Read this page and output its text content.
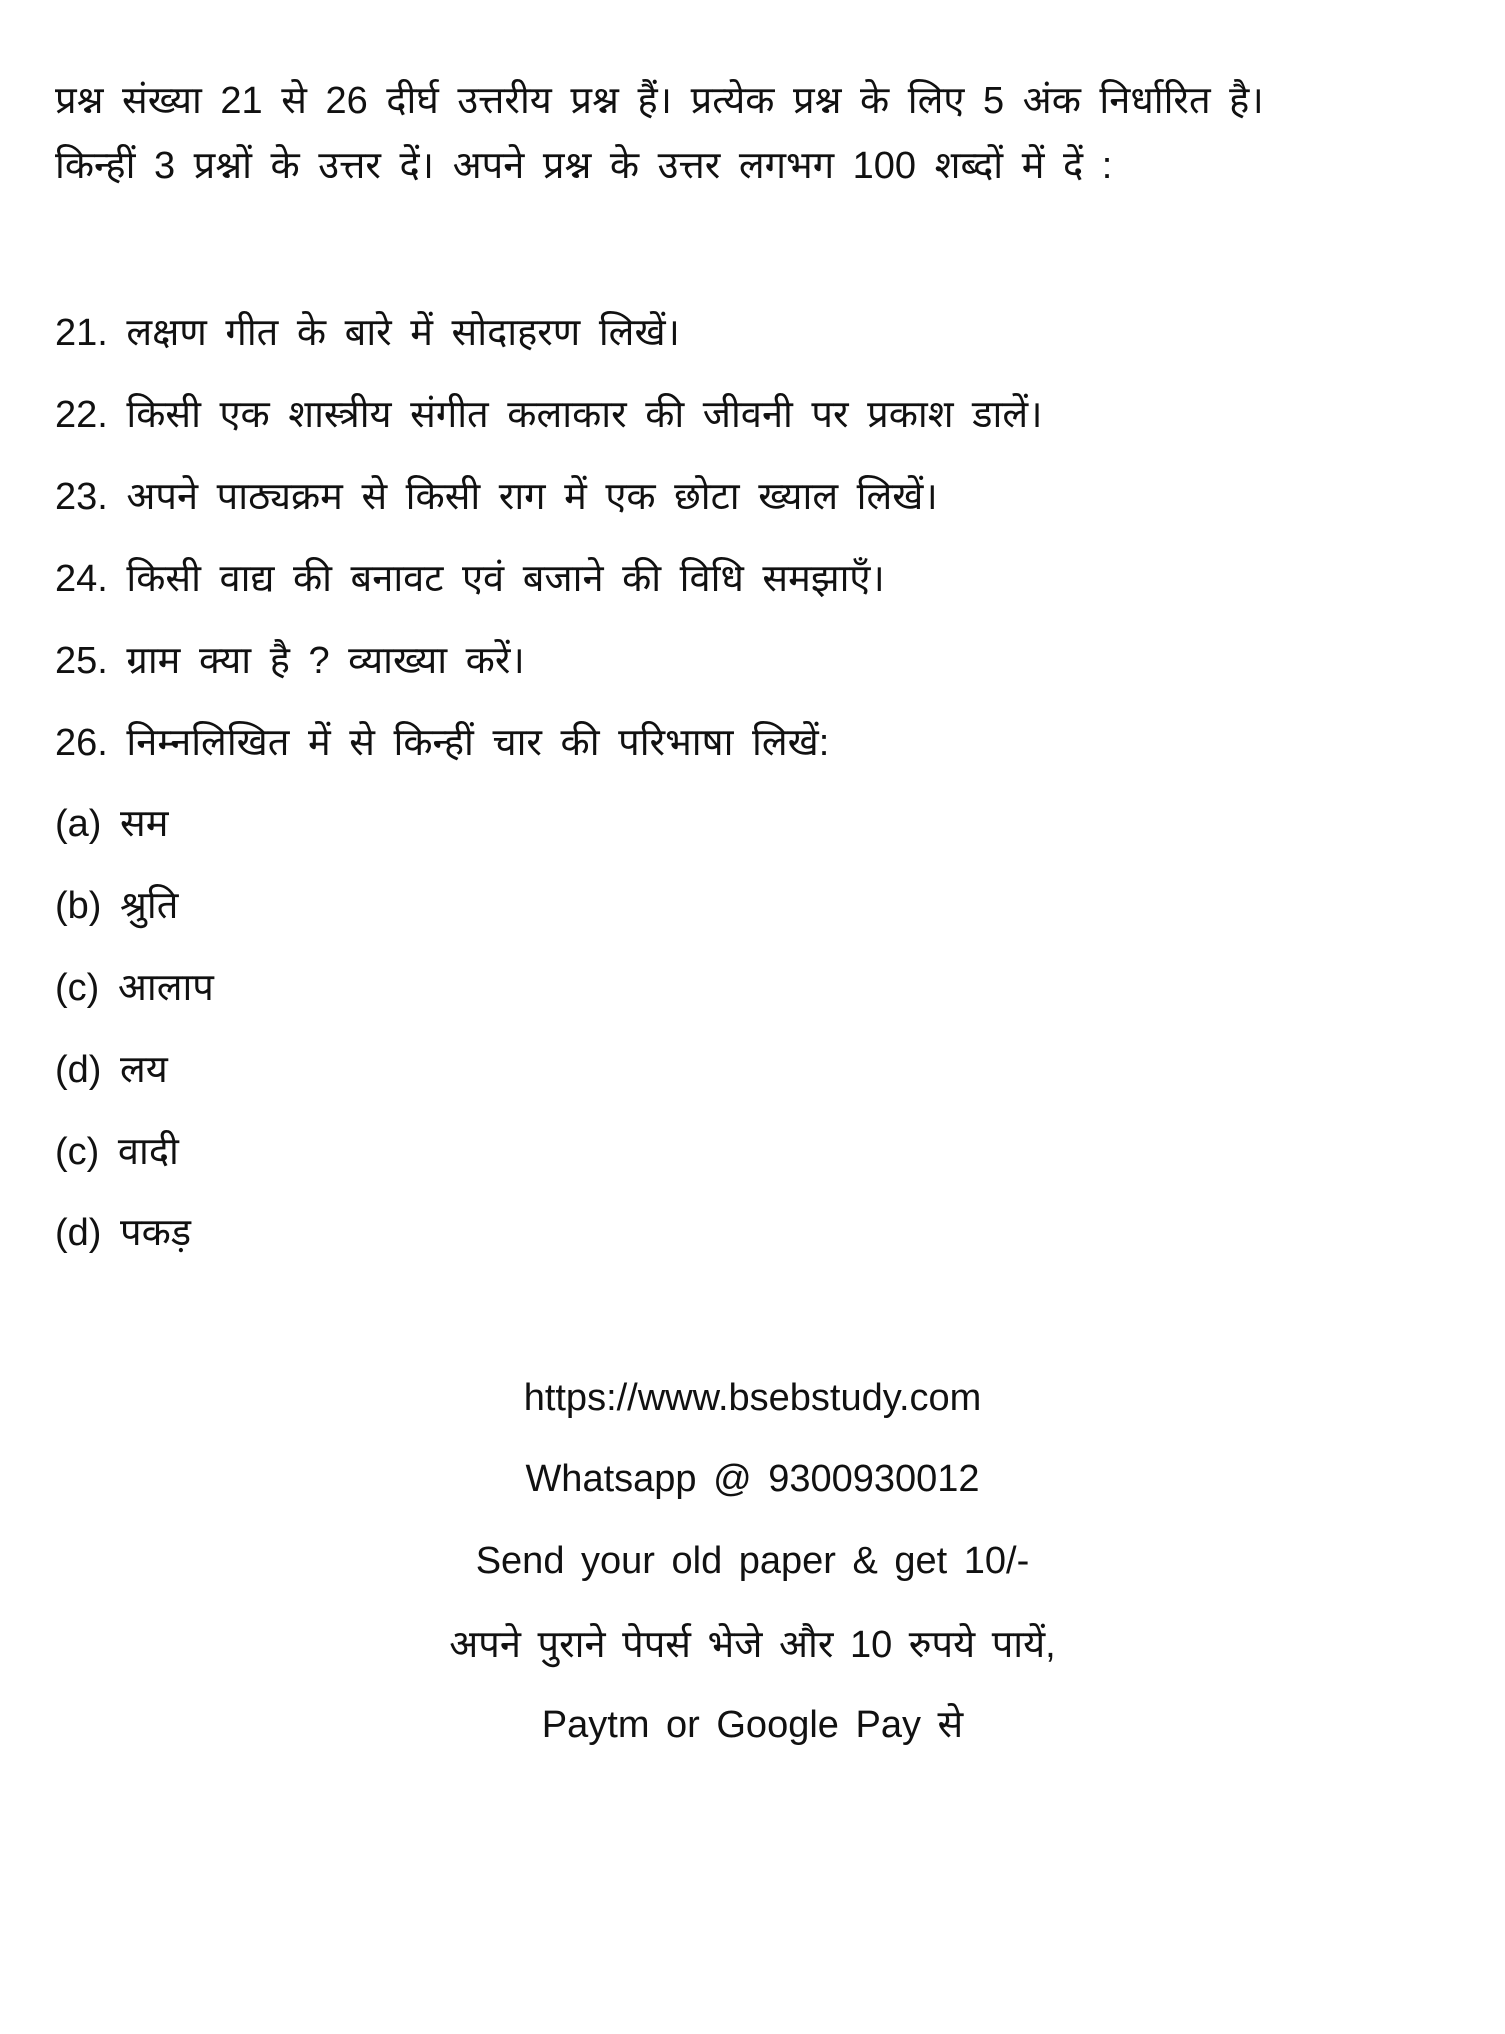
प्रश्न संख्या 21 से 26 दीर्घ उत्तरीय प्रश्न हैं। प्रत्येक प्रश्न के लिए 5 अंक निर्धारित है।
किन्हीं 3 प्रश्नों के उत्तर दें। अपने प्रश्न के उत्तर लगभग 100 शब्दों में दें :
21. लक्षण गीत के बारे में सोदाहरण लिखें।
22. किसी एक शास्त्रीय संगीत कलाकार की जीवनी पर प्रकाश डालें।
23. अपने पाठ्यक्रम से किसी राग में एक छोटा ख्याल लिखें।
24. किसी वाद्य की बनावट एवं बजाने की विधि समझाएँ।
25. ग्राम क्या है ? व्याख्या करें।
26. निम्नलिखित में से किन्हीं चार की परिभाषा लिखें:
(a) सम
(b) श्रुति
(c) आलाप
(d) लय
(c) वादी
(d) पकड़
https://www.bsebstudy.com
Whatsapp @ 9300930012
Send your old paper & get 10/-
अपने पुराने पेपर्स भेजे और 10 रुपये पायें,
Paytm or Google Pay से
